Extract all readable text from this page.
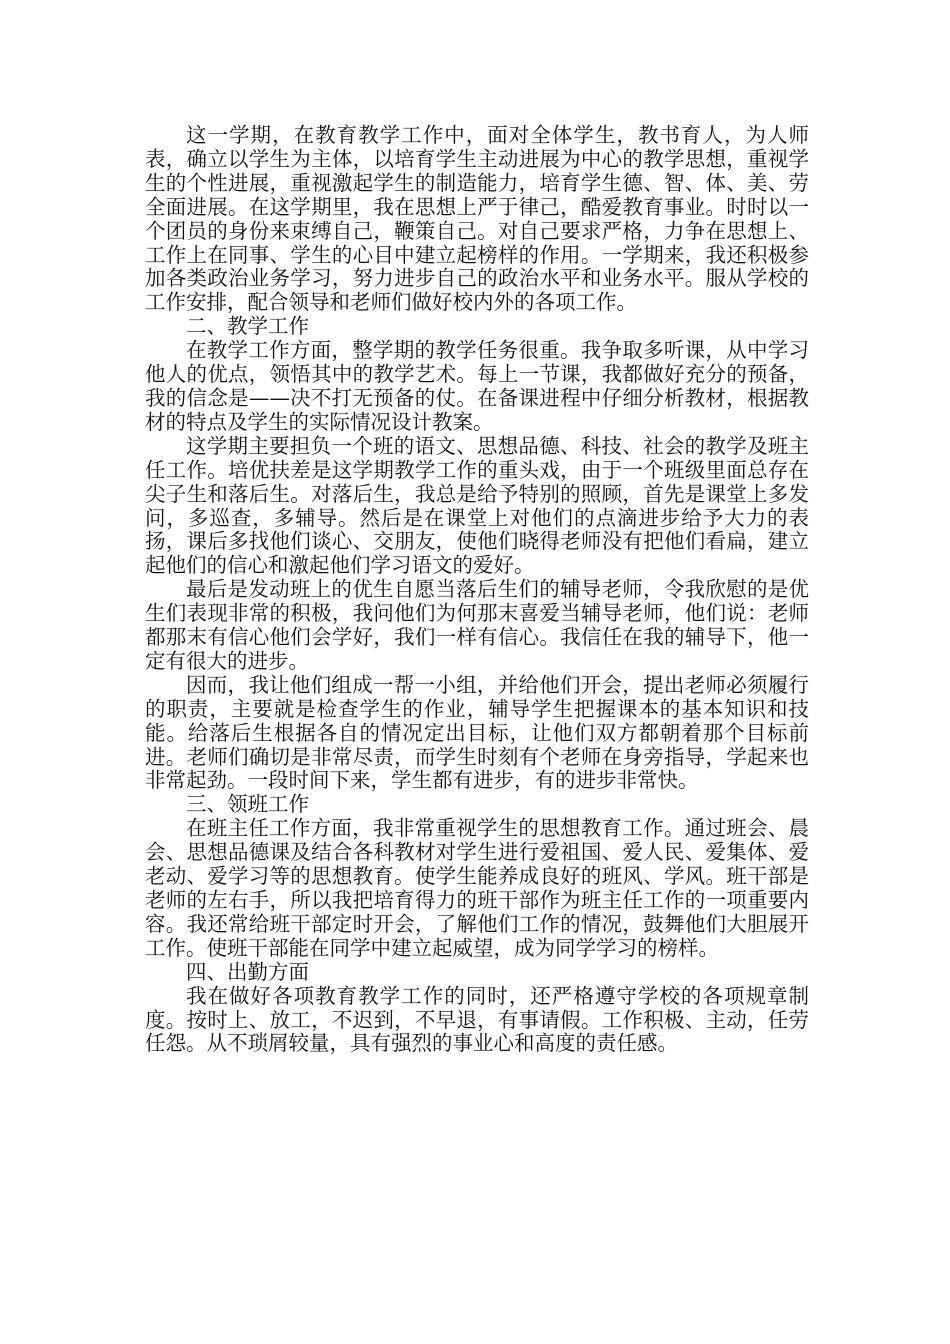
这一学期，在教育教学工作中，面对全体学生，教书育人，为人师表，确立以学生为主体，以培育学生主动进展为中心的教学思想，重视学生的个性进展，重视激起学生的制造能力，培育学生德、智、体、美、劳全面进展。在这学期里，我在思想上严于律己，酷爱教育事业。时时以一个团员的身份来束缚自己，鞭策自己。对自己要求严格，力争在思想上、工作上在同事、学生的心目中建立起榜样的作用。一学期来，我还积极参加各类政治业务学习，努力进步自己的政治水平和业务水平。服从学校的工作安排，配合领导和老师们做好校内外的各项工作。

二、教学工作

在教学工作方面，整学期的教学任务很重。我争取多听课，从中学习他人的优点，领悟其中的教学艺术。每上一节课，我都做好充分的预备，我的信念是——决不打无预备的仗。在备课进程中仔细分析教材，根据教材的特点及学生的实际情况设计教案。

这学期主要担负一个班的语文、思想品德、科技、社会的教学及班主任工作。培优扶差是这学期教学工作的重头戏，由于一个班级里面总存在尖子生和落后生。对落后生，我总是给予特别的照顾，首先是课堂上多发问，多巡查，多辅导。然后是在课堂上对他们的点滴进步给予大力的表扬，课后多找他们谈心、交朋友，使他们晓得老师没有把他们看扁，建立起他们的信心和激起他们学习语文的爱好。

最后是发动班上的优生自愿当落后生们的辅导老师，令我欣慰的是优生们表现非常的积极，我问他们为何那末喜爱当辅导老师，他们说：老师都那末有信心他们会学好，我们一样有信心。我信任在我的辅导下，他一定有很大的进步。

因而，我让他们组成一帮一小组，并给他们开会，提出老师必须履行的职责，主要就是检查学生的作业，辅导学生把握课本的基本知识和技能。给落后生根据各自的情况定出目标，让他们双方都朝着那个目标前进。老师们确切是非常尽责，而学生时刻有个老师在身旁指导，学起来也非常起劲。一段时间下来，学生都有进步，有的进步非常快。

三、领班工作

在班主任工作方面，我非常重视学生的思想教育工作。通过班会、晨会、思想品德课及结合各科教材对学生进行爱祖国、爱人民、爱集体、爱老动、爱学习等的思想教育。使学生能养成良好的班风、学风。班干部是老师的左右手，所以我把培育得力的班干部作为班主任工作的一项重要内容。我还常给班干部定时开会，了解他们工作的情况，鼓舞他们大胆展开工作。使班干部能在同学中建立起威望，成为同学学习的榜样。

四、出勤方面

我在做好各项教育教学工作的同时，还严格遵守学校的各项规章制度。按时上、放工，不迟到，不早退，有事请假。工作积极、主动，任劳任怨。从不琐屑较量，具有强烈的事业心和高度的责任感。
